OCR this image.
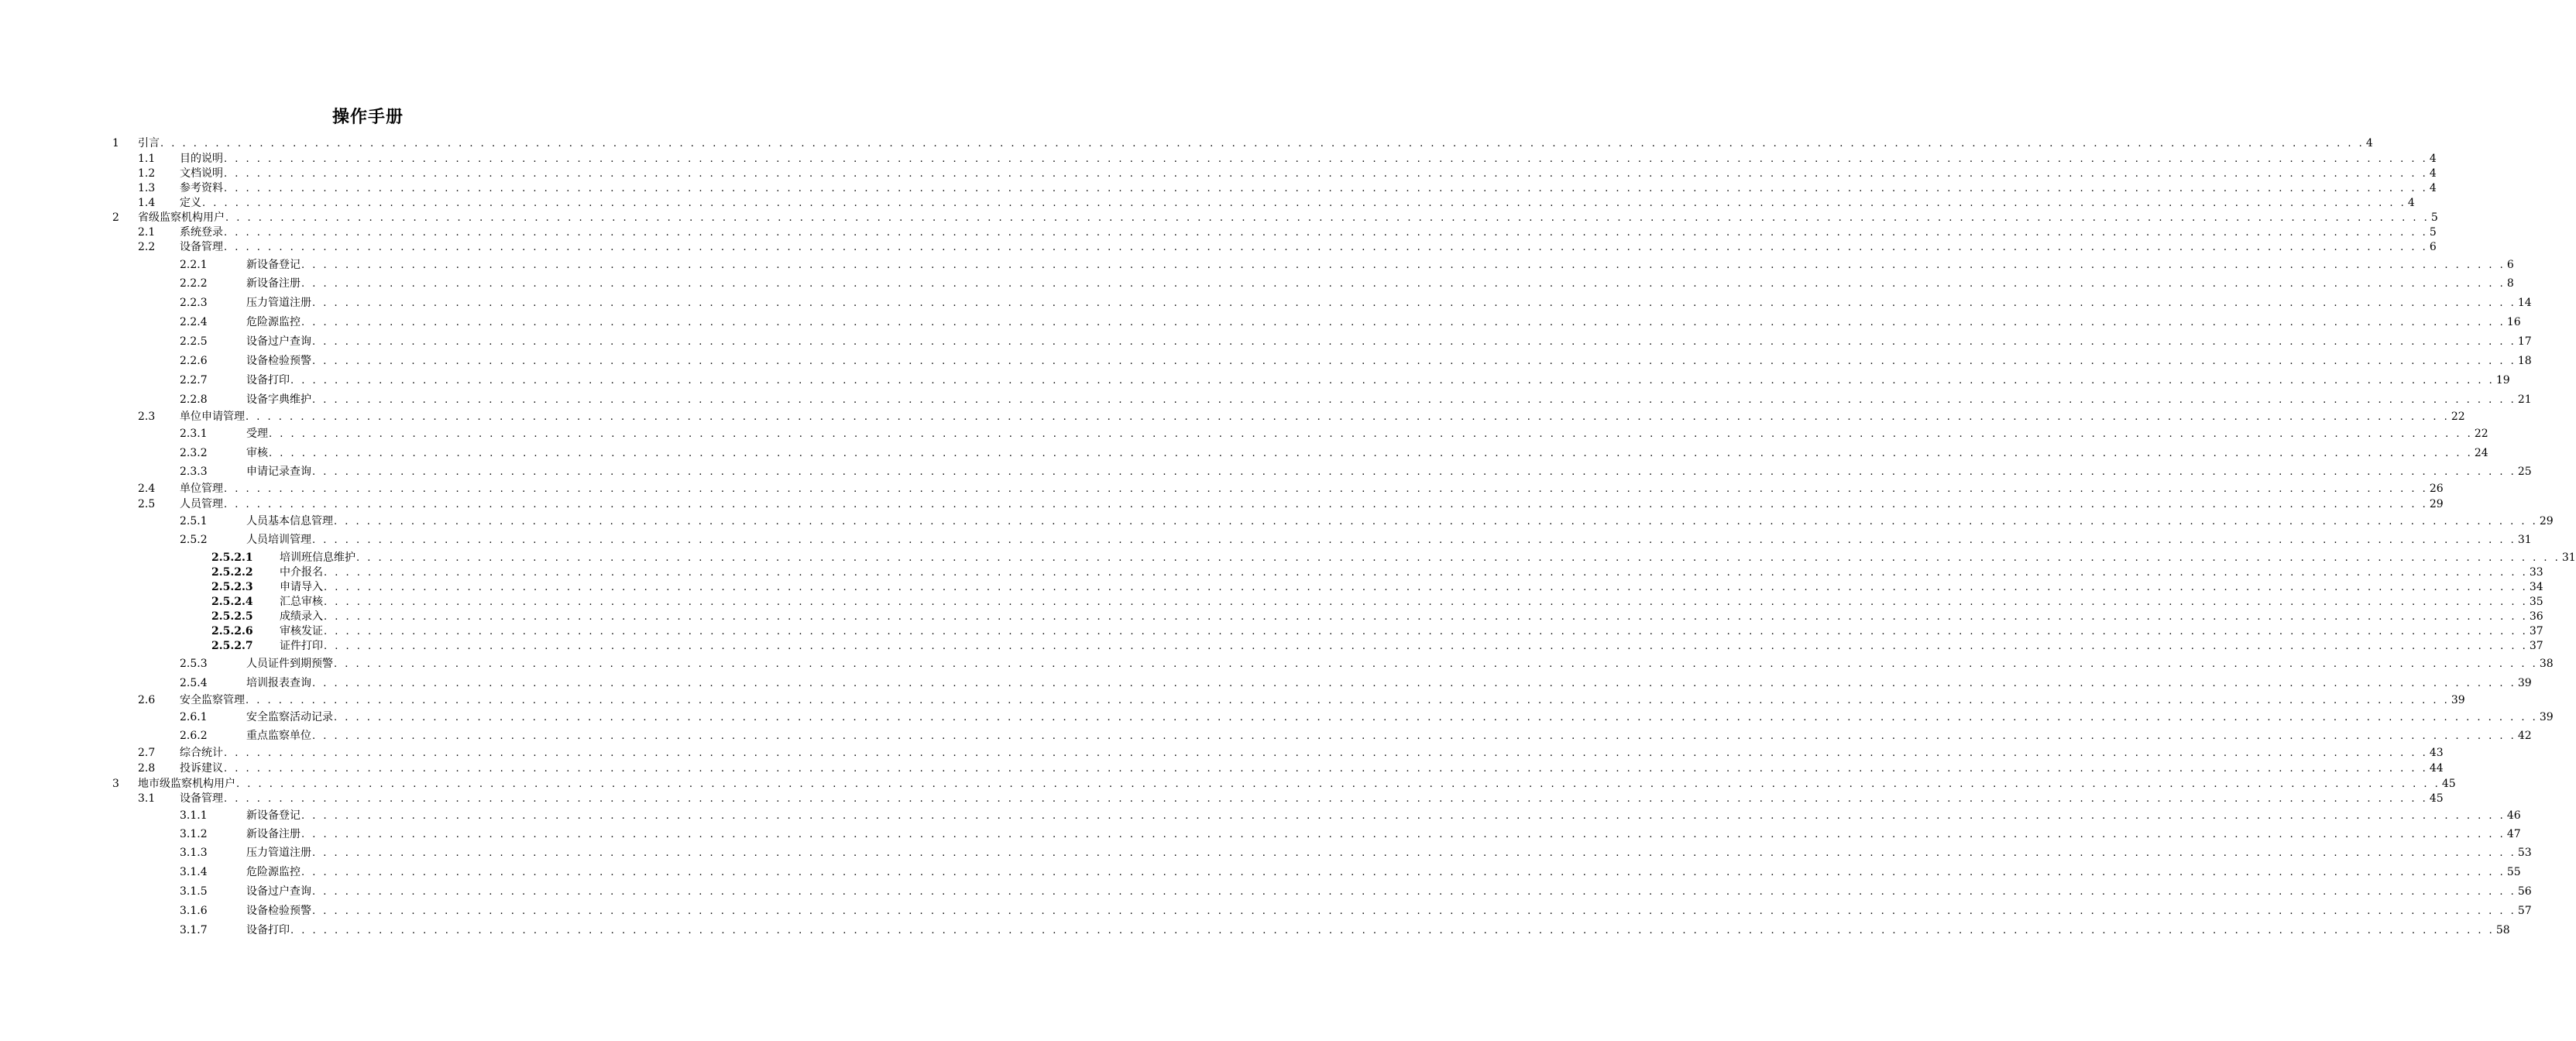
操作手册
1 引言 . . . . . . . . . . . . . . . . . . . . . . . . . . . . . . . . . . . . . . . . . . . . . . . . . . . . . . . . . . . . . . . . . . . . . . . . . . . . . . . . . . . . . . . . . . . . . . . . . . . . . . . . . . . . . . . . . . . . . . . . . . . . . . . . . . . . . . . . . . . . . . . . . . . . . . . . . . . . . . . . . . . . . . . . . . . . . . . . . . . . . . . . . . . . . . . . . . . . . . . . 4
1.1 目的说明 . . . . . . . . . . . . . . . . . . . . . . . . . . . . . . . . . . . . . . . . . . . . . . . . . . . . . . . . . . . . . . . . . . . . . . . . . . . . . . . . . . . . . . . . . . . . . . . . . . . . . . . . . . . . . . . . . . . . . . . . . . . . . . . . . . . . . . . . . . . . . . . . . . . . . . . . . . . . . . . . . . . . . . . . . . . . . . . . . . . . . . . . . . . . . . . . . . . . . . . . 4
1.2 文档说明 . . . . . . . . . . . . . . . . . . . . . . . . . . . . . . . . . . . . . . . . . . . . . . . . . . . . . . . . . . . . . . . . . . . . . . . . . . . . . . . . . . . . . . . . . . . . . . . . . . . . . . . . . . . . . . . . . . . . . . . . . . . . . . . . . . . . . . . . . . . . . . . . . . . . . . . . . . . . . . . . . . . . . . . . . . . . . . . . . . . . . . . . . . . . . . . . . . . . . . . . 4
1.3 参考资料 . . . . . . . . . . . . . . . . . . . . . . . . . . . . . . . . . . . . . . . . . . . . . . . . . . . . . . . . . . . . . . . . . . . . . . . . . . . . . . . . . . . . . . . . . . . . . . . . . . . . . . . . . . . . . . . . . . . . . . . . . . . . . . . . . . . . . . . . . . . . . . . . . . . . . . . . . . . . . . . . . . . . . . . . . . . . . . . . . . . . . . . . . . . . . . . . . . . . . . . . 4
1.4 定义 . . . . . . . . . . . . . . . . . . . . . . . . . . . . . . . . . . . . . . . . . . . . . . . . . . . . . . . . . . . . . . . . . . . . . . . . . . . . . . . . . . . . . . . . . . . . . . . . . . . . . . . . . . . . . . . . . . . . . . . . . . . . . . . . . . . . . . . . . . . . . . . . . . . . . . . . . . . . . . . . . . . . . . . . . . . . . . . . . . . . . . . . . . . . . . . . . . . . . . . . 4
2 省级监察机构用户 . . . . . . . . . . . . . . . . . . . . . . . . . . . . . . . . . . . . . . . . . . . . . . . . . . . . . . . . . . . . . . . . . . . . . . . . . . . . . . . . . . . . . . . . . . . . . . . . . . . . . . . . . . . . . . . . . . . . . . . . . . . . . . . . . . . . . . . . . . . . . . . . . . . . . . . . . . . . . . . . . . . . . . . . . . . . . . . . . . . . . . . . . . . . . . . . . . . . . . . . 5
2.1 系统登录 . . . . . . . . . . . . . . . . . . . . . . . . . . . . . . . . . . . . . . . . . . . . . . . . . . . . . . . . . . . . . . . . . . . . . . . . . . . . . . . . . . . . . . . . . . . . . . . . . . . . . . . . . . . . . . . . . . . . . . . . . . . . . . . . . . . . . . . . . . . . . . . . . . . . . . . . . . . . . . . . . . . . . . . . . . . . . . . . . . . . . . . . . . . . . . . . . . . . . . . . 5
2.2 设备管理 . . . . . . . . . . . . . . . . . . . . . . . . . . . . . . . . . . . . . . . . . . . . . . . . . . . . . . . . . . . . . . . . . . . . . . . . . . . . . . . . . . . . . . . . . . . . . . . . . . . . . . . . . . . . . . . . . . . . . . . . . . . . . . . . . . . . . . . . . . . . . . . . . . . . . . . . . . . . . . . . . . . . . . . . . . . . . . . . . . . . . . . . . . . . . . . . . . . . . . . . 6
2.2.1	新设备登记 . . . . . . . . . . . . . . . . . . . . . . . . . . . . . . . . . . . . . . . . . . . . . . . . . . . . . . . . . . . . . . . . . . . . . . . . . . . . . . . . . . . . . . . . . . . . . . . . . . . . . . . . . . . . . . . . . . . . . . . . . . . . . . . . . . . . . . . . . . . . . . . . . . . . . . . . . . . . . . . . . . . . . . . . . . . . . . . . . . . . . . . . . . . . . . . . . . . . . . . . 6
2.2.2	新设备注册 . . . . . . . . . . . . . . . . . . . . . . . . . . . . . . . . . . . . . . . . . . . . . . . . . . . . . . . . . . . . . . . . . . . . . . . . . . . . . . . . . . . . . . . . . . . . . . . . . . . . . . . . . . . . . . . . . . . . . . . . . . . . . . . . . . . . . . . . . . . . . . . . . . . . . . . . . . . . . . . . . . . . . . . . . . . . . . . . . . . . . . . . . . . . . . . . . . . . . . . . 8
2.2.3	压力管道注册 . . . . . . . . . . . . . . . . . . . . . . . . . . . . . . . . . . . . . . . . . . . . . . . . . . . . . . . . . . . . . . . . . . . . . . . . . . . . . . . . . . . . . . . . . . . . . . . . . . . . . . . . . . . . . . . . . . . . . . . . . . . . . . . . . . . . . . . . . . . . . . . . . . . . . . . . . . . . . . . . . . . . . . . . . . . . . . . . . . . . . . . . . . . . . . . . . . . . . . . . 14
2.2.4	危险源监控 . . . . . . . . . . . . . . . . . . . . . . . . . . . . . . . . . . . . . . . . . . . . . . . . . . . . . . . . . . . . . . . . . . . . . . . . . . . . . . . . . . . . . . . . . . . . . . . . . . . . . . . . . . . . . . . . . . . . . . . . . . . . . . . . . . . . . . . . . . . . . . . . . . . . . . . . . . . . . . . . . . . . . . . . . . . . . . . . . . . . . . . . . . . . . . . . . . . . . . . . 16
2.2.5	设备过户查询 . . . . . . . . . . . . . . . . . . . . . . . . . . . . . . . . . . . . . . . . . . . . . . . . . . . . . . . . . . . . . . . . . . . . . . . . . . . . . . . . . . . . . . . . . . . . . . . . . . . . . . . . . . . . . . . . . . . . . . . . . . . . . . . . . . . . . . . . . . . . . . . . . . . . . . . . . . . . . . . . . . . . . . . . . . . . . . . . . . . . . . . . . . . . . . . . . . . . . . . . 17
2.2.6	设备检验预警 . . . . . . . . . . . . . . . . . . . . . . . . . . . . . . . . . . . . . . . . . . . . . . . . . . . . . . . . . . . . . . . . . . . . . . . . . . . . . . . . . . . . . . . . . . . . . . . . . . . . . . . . . . . . . . . . . . . . . . . . . . . . . . . . . . . . . . . . . . . . . . . . . . . . . . . . . . . . . . . . . . . . . . . . . . . . . . . . . . . . . . . . . . . . . . . . . . . . . . . . 18
2.2.7	设备打印 . . . . . . . . . . . . . . . . . . . . . . . . . . . . . . . . . . . . . . . . . . . . . . . . . . . . . . . . . . . . . . . . . . . . . . . . . . . . . . . . . . . . . . . . . . . . . . . . . . . . . . . . . . . . . . . . . . . . . . . . . . . . . . . . . . . . . . . . . . . . . . . . . . . . . . . . . . . . . . . . . . . . . . . . . . . . . . . . . . . . . . . . . . . . . . . . . . . . . . . . 19
2.2.8	设备字典维护 . . . . . . . . . . . . . . . . . . . . . . . . . . . . . . . . . . . . . . . . . . . . . . . . . . . . . . . . . . . . . . . . . . . . . . . . . . . . . . . . . . . . . . . . . . . . . . . . . . . . . . . . . . . . . . . . . . . . . . . . . . . . . . . . . . . . . . . . . . . . . . . . . . . . . . . . . . . . . . . . . . . . . . . . . . . . . . . . . . . . . . . . . . . . . . . . . . . . . . . . 21
2.3 单位申请管理 . . . . . . . . . . . . . . . . . . . . . . . . . . . . . . . . . . . . . . . . . . . . . . . . . . . . . . . . . . . . . . . . . . . . . . . . . . . . . . . . . . . . . . . . . . . . . . . . . . . . . . . . . . . . . . . . . . . . . . . . . . . . . . . . . . . . . . . . . . . . . . . . . . . . . . . . . . . . . . . . . . . . . . . . . . . . . . . . . . . . . . . . . . . . . . . . . . . . . . . . 22
2.3.1	受理 . . . . . . . . . . . . . . . . . . . . . . . . . . . . . . . . . . . . . . . . . . . . . . . . . . . . . . . . . . . . . . . . . . . . . . . . . . . . . . . . . . . . . . . . . . . . . . . . . . . . . . . . . . . . . . . . . . . . . . . . . . . . . . . . . . . . . . . . . . . . . . . . . . . . . . . . . . . . . . . . . . . . . . . . . . . . . . . . . . . . . . . . . . . . . . . . . . . . . . . . 22
2.3.2	审核 . . . . . . . . . . . . . . . . . . . . . . . . . . . . . . . . . . . . . . . . . . . . . . . . . . . . . . . . . . . . . . . . . . . . . . . . . . . . . . . . . . . . . . . . . . . . . . . . . . . . . . . . . . . . . . . . . . . . . . . . . . . . . . . . . . . . . . . . . . . . . . . . . . . . . . . . . . . . . . . . . . . . . . . . . . . . . . . . . . . . . . . . . . . . . . . . . . . . . . . . 24
2.3.3	申请记录查询 . . . . . . . . . . . . . . . . . . . . . . . . . . . . . . . . . . . . . . . . . . . . . . . . . . . . . . . . . . . . . . . . . . . . . . . . . . . . . . . . . . . . . . . . . . . . . . . . . . . . . . . . . . . . . . . . . . . . . . . . . . . . . . . . . . . . . . . . . . . . . . . . . . . . . . . . . . . . . . . . . . . . . . . . . . . . . . . . . . . . . . . . . . . . . . . . . . . . . . . . 25
2.4 单位管理 . . . . . . . . . . . . . . . . . . . . . . . . . . . . . . . . . . . . . . . . . . . . . . . . . . . . . . . . . . . . . . . . . . . . . . . . . . . . . . . . . . . . . . . . . . . . . . . . . . . . . . . . . . . . . . . . . . . . . . . . . . . . . . . . . . . . . . . . . . . . . . . . . . . . . . . . . . . . . . . . . . . . . . . . . . . . . . . . . . . . . . . . . . . . . . . . . . . . . . . . 26
2.5 人员管理 . . . . . . . . . . . . . . . . . . . . . . . . . . . . . . . . . . . . . . . . . . . . . . . . . . . . . . . . . . . . . . . . . . . . . . . . . . . . . . . . . . . . . . . . . . . . . . . . . . . . . . . . . . . . . . . . . . . . . . . . . . . . . . . . . . . . . . . . . . . . . . . . . . . . . . . . . . . . . . . . . . . . . . . . . . . . . . . . . . . . . . . . . . . . . . . . . . . . . . . . 29
2.5.1	人员基本信息管理 . . . . . . . . . . . . . . . . . . . . . . . . . . . . . . . . . . . . . . . . . . . . . . . . . . . . . . . . . . . . . . . . . . . . . . . . . . . . . . . . . . . . . . . . . . . . . . . . . . . . . . . . . . . . . . . . . . . . . . . . . . . . . . . . . . . . . . . . . . . . . . . . . . . . . . . . . . . . . . . . . . . . . . . . . . . . . . . . . . . . . . . . . . . . . . . . . . . . . . . . 29
2.5.2	人员培训管理 . . . . . . . . . . . . . . . . . . . . . . . . . . . . . . . . . . . . . . . . . . . . . . . . . . . . . . . . . . . . . . . . . . . . . . . . . . . . . . . . . . . . . . . . . . . . . . . . . . . . . . . . . . . . . . . . . . . . . . . . . . . . . . . . . . . . . . . . . . . . . . . . . . . . . . . . . . . . . . . . . . . . . . . . . . . . . . . . . . . . . . . . . . . . . . . . . . . . . . . . 31
2.5.2.1 培训班信息维护 . . . . . . . . . . . . . . . . . . . . . . . . . . . . . . . . . . . . . . . . . . . . . . . . . . . . . . . . . . . . . . . . . . . . . . . . . . . . . . . . . . . . . . . . . . . . . . . . . . . . . . . . . . . . . . . . . . . . . . . . . . . . . . . . . . . . . . . . . . . . . . . . . . . . . . . . . . . . . . . . . . . . . . . . . . . . . . . . . . . . . . . . . . . . . . . . . . . . . . . . 31
2.5.2.2 中介报名 . . . . . . . . . . . . . . . . . . . . . . . . . . . . . . . . . . . . . . . . . . . . . . . . . . . . . . . . . . . . . . . . . . . . . . . . . . . . . . . . . . . . . . . . . . . . . . . . . . . . . . . . . . . . . . . . . . . . . . . . . . . . . . . . . . . . . . . . . . . . . . . . . . . . . . . . . . . . . . . . . . . . . . . . . . . . . . . . . . . . . . . . . . . . . . . . . . . . . . . . 33
2.5.2.3 申请导入 . . . . . . . . . . . . . . . . . . . . . . . . . . . . . . . . . . . . . . . . . . . . . . . . . . . . . . . . . . . . . . . . . . . . . . . . . . . . . . . . . . . . . . . . . . . . . . . . . . . . . . . . . . . . . . . . . . . . . . . . . . . . . . . . . . . . . . . . . . . . . . . . . . . . . . . . . . . . . . . . . . . . . . . . . . . . . . . . . . . . . . . . . . . . . . . . . . . . . . . . 34
2.5.2.4 汇总审核 . . . . . . . . . . . . . . . . . . . . . . . . . . . . . . . . . . . . . . . . . . . . . . . . . . . . . . . . . . . . . . . . . . . . . . . . . . . . . . . . . . . . . . . . . . . . . . . . . . . . . . . . . . . . . . . . . . . . . . . . . . . . . . . . . . . . . . . . . . . . . . . . . . . . . . . . . . . . . . . . . . . . . . . . . . . . . . . . . . . . . . . . . . . . . . . . . . . . . . . . 35
2.5.2.5 成绩录入 . . . . . . . . . . . . . . . . . . . . . . . . . . . . . . . . . . . . . . . . . . . . . . . . . . . . . . . . . . . . . . . . . . . . . . . . . . . . . . . . . . . . . . . . . . . . . . . . . . . . . . . . . . . . . . . . . . . . . . . . . . . . . . . . . . . . . . . . . . . . . . . . . . . . . . . . . . . . . . . . . . . . . . . . . . . . . . . . . . . . . . . . . . . . . . . . . . . . . . . . 36
2.5.2.6 审核发证 . . . . . . . . . . . . . . . . . . . . . . . . . . . . . . . . . . . . . . . . . . . . . . . . . . . . . . . . . . . . . . . . . . . . . . . . . . . . . . . . . . . . . . . . . . . . . . . . . . . . . . . . . . . . . . . . . . . . . . . . . . . . . . . . . . . . . . . . . . . . . . . . . . . . . . . . . . . . . . . . . . . . . . . . . . . . . . . . . . . . . . . . . . . . . . . . . . . . . . . . 37
2.5.2.7 证件打印 . . . . . . . . . . . . . . . . . . . . . . . . . . . . . . . . . . . . . . . . . . . . . . . . . . . . . . . . . . . . . . . . . . . . . . . . . . . . . . . . . . . . . . . . . . . . . . . . . . . . . . . . . . . . . . . . . . . . . . . . . . . . . . . . . . . . . . . . . . . . . . . . . . . . . . . . . . . . . . . . . . . . . . . . . . . . . . . . . . . . . . . . . . . . . . . . . . . . . . . . 37
2.5.3	人员证件到期预警 . . . . . . . . . . . . . . . . . . . . . . . . . . . . . . . . . . . . . . . . . . . . . . . . . . . . . . . . . . . . . . . . . . . . . . . . . . . . . . . . . . . . . . . . . . . . . . . . . . . . . . . . . . . . . . . . . . . . . . . . . . . . . . . . . . . . . . . . . . . . . . . . . . . . . . . . . . . . . . . . . . . . . . . . . . . . . . . . . . . . . . . . . . . . . . . . . . . . . . . . 38
2.5.4	培训报表查询 . . . . . . . . . . . . . . . . . . . . . . . . . . . . . . . . . . . . . . . . . . . . . . . . . . . . . . . . . . . . . . . . . . . . . . . . . . . . . . . . . . . . . . . . . . . . . . . . . . . . . . . . . . . . . . . . . . . . . . . . . . . . . . . . . . . . . . . . . . . . . . . . . . . . . . . . . . . . . . . . . . . . . . . . . . . . . . . . . . . . . . . . . . . . . . . . . . . . . . . . 39
2.6 安全监察管理 . . . . . . . . . . . . . . . . . . . . . . . . . . . . . . . . . . . . . . . . . . . . . . . . . . . . . . . . . . . . . . . . . . . . . . . . . . . . . . . . . . . . . . . . . . . . . . . . . . . . . . . . . . . . . . . . . . . . . . . . . . . . . . . . . . . . . . . . . . . . . . . . . . . . . . . . . . . . . . . . . . . . . . . . . . . . . . . . . . . . . . . . . . . . . . . . . . . . . . . . 39
2.6.1	安全监察活动记录 . . . . . . . . . . . . . . . . . . . . . . . . . . . . . . . . . . . . . . . . . . . . . . . . . . . . . . . . . . . . . . . . . . . . . . . . . . . . . . . . . . . . . . . . . . . . . . . . . . . . . . . . . . . . . . . . . . . . . . . . . . . . . . . . . . . . . . . . . . . . . . . . . . . . . . . . . . . . . . . . . . . . . . . . . . . . . . . . . . . . . . . . . . . . . . . . . . . . . . . . 39
2.6.2	重点监察单位 . . . . . . . . . . . . . . . . . . . . . . . . . . . . . . . . . . . . . . . . . . . . . . . . . . . . . . . . . . . . . . . . . . . . . . . . . . . . . . . . . . . . . . . . . . . . . . . . . . . . . . . . . . . . . . . . . . . . . . . . . . . . . . . . . . . . . . . . . . . . . . . . . . . . . . . . . . . . . . . . . . . . . . . . . . . . . . . . . . . . . . . . . . . . . . . . . . . . . . . . 42
2.7 综合统计 . . . . . . . . . . . . . . . . . . . . . . . . . . . . . . . . . . . . . . . . . . . . . . . . . . . . . . . . . . . . . . . . . . . . . . . . . . . . . . . . . . . . . . . . . . . . . . . . . . . . . . . . . . . . . . . . . . . . . . . . . . . . . . . . . . . . . . . . . . . . . . . . . . . . . . . . . . . . . . . . . . . . . . . . . . . . . . . . . . . . . . . . . . . . . . . . . . . . . . . . 43
2.8 投诉建议 . . . . . . . . . . . . . . . . . . . . . . . . . . . . . . . . . . . . . . . . . . . . . . . . . . . . . . . . . . . . . . . . . . . . . . . . . . . . . . . . . . . . . . . . . . . . . . . . . . . . . . . . . . . . . . . . . . . . . . . . . . . . . . . . . . . . . . . . . . . . . . . . . . . . . . . . . . . . . . . . . . . . . . . . . . . . . . . . . . . . . . . . . . . . . . . . . . . . . . . . 44
3 地市级监察机构用户 . . . . . . . . . . . . . . . . . . . . . . . . . . . . . . . . . . . . . . . . . . . . . . . . . . . . . . . . . . . . . . . . . . . . . . . . . . . . . . . . . . . . . . . . . . . . . . . . . . . . . . . . . . . . . . . . . . . . . . . . . . . . . . . . . . . . . . . . . . . . . . . . . . . . . . . . . . . . . . . . . . . . . . . . . . . . . . . . . . . . . . . . . . . . . . . . . . . . . . . . 45
3.1 设备管理 . . . . . . . . . . . . . . . . . . . . . . . . . . . . . . . . . . . . . . . . . . . . . . . . . . . . . . . . . . . . . . . . . . . . . . . . . . . . . . . . . . . . . . . . . . . . . . . . . . . . . . . . . . . . . . . . . . . . . . . . . . . . . . . . . . . . . . . . . . . . . . . . . . . . . . . . . . . . . . . . . . . . . . . . . . . . . . . . . . . . . . . . . . . . . . . . . . . . . . . . 45
3.1.1	新设备登记 . . . . . . . . . . . . . . . . . . . . . . . . . . . . . . . . . . . . . . . . . . . . . . . . . . . . . . . . . . . . . . . . . . . . . . . . . . . . . . . . . . . . . . . . . . . . . . . . . . . . . . . . . . . . . . . . . . . . . . . . . . . . . . . . . . . . . . . . . . . . . . . . . . . . . . . . . . . . . . . . . . . . . . . . . . . . . . . . . . . . . . . . . . . . . . . . . . . . . . . . 46
3.1.2	新设备注册 . . . . . . . . . . . . . . . . . . . . . . . . . . . . . . . . . . . . . . . . . . . . . . . . . . . . . . . . . . . . . . . . . . . . . . . . . . . . . . . . . . . . . . . . . . . . . . . . . . . . . . . . . . . . . . . . . . . . . . . . . . . . . . . . . . . . . . . . . . . . . . . . . . . . . . . . . . . . . . . . . . . . . . . . . . . . . . . . . . . . . . . . . . . . . . . . . . . . . . . . 47
3.1.3	压力管道注册 . . . . . . . . . . . . . . . . . . . . . . . . . . . . . . . . . . . . . . . . . . . . . . . . . . . . . . . . . . . . . . . . . . . . . . . . . . . . . . . . . . . . . . . . . . . . . . . . . . . . . . . . . . . . . . . . . . . . . . . . . . . . . . . . . . . . . . . . . . . . . . . . . . . . . . . . . . . . . . . . . . . . . . . . . . . . . . . . . . . . . . . . . . . . . . . . . . . . . . . . 53
3.1.4	危险源监控 . . . . . . . . . . . . . . . . . . . . . . . . . . . . . . . . . . . . . . . . . . . . . . . . . . . . . . . . . . . . . . . . . . . . . . . . . . . . . . . . . . . . . . . . . . . . . . . . . . . . . . . . . . . . . . . . . . . . . . . . . . . . . . . . . . . . . . . . . . . . . . . . . . . . . . . . . . . . . . . . . . . . . . . . . . . . . . . . . . . . . . . . . . . . . . . . . . . . . . . . 55
3.1.5	设备过户查询 . . . . . . . . . . . . . . . . . . . . . . . . . . . . . . . . . . . . . . . . . . . . . . . . . . . . . . . . . . . . . . . . . . . . . . . . . . . . . . . . . . . . . . . . . . . . . . . . . . . . . . . . . . . . . . . . . . . . . . . . . . . . . . . . . . . . . . . . . . . . . . . . . . . . . . . . . . . . . . . . . . . . . . . . . . . . . . . . . . . . . . . . . . . . . . . . . . . . . . . . 56
3.1.6	设备检验预警 . . . . . . . . . . . . . . . . . . . . . . . . . . . . . . . . . . . . . . . . . . . . . . . . . . . . . . . . . . . . . . . . . . . . . . . . . . . . . . . . . . . . . . . . . . . . . . . . . . . . . . . . . . . . . . . . . . . . . . . . . . . . . . . . . . . . . . . . . . . . . . . . . . . . . . . . . . . . . . . . . . . . . . . . . . . . . . . . . . . . . . . . . . . . . . . . . . . . . . . . 57
3.1.7	设备打印 . . . . . . . . . . . . . . . . . . . . . . . . . . . . . . . . . . . . . . . . . . . . . . . . . . . . . . . . . . . . . . . . . . . . . . . . . . . . . . . . . . . . . . . . . . . . . . . . . . . . . . . . . . . . . . . . . . . . . . . . . . . . . . . . . . . . . . . . . . . . . . . . . . . . . . . . . . . . . . . . . . . . . . . . . . . . . . . . . . . . . . . . . . . . . . . . . . . . . . . . 58
